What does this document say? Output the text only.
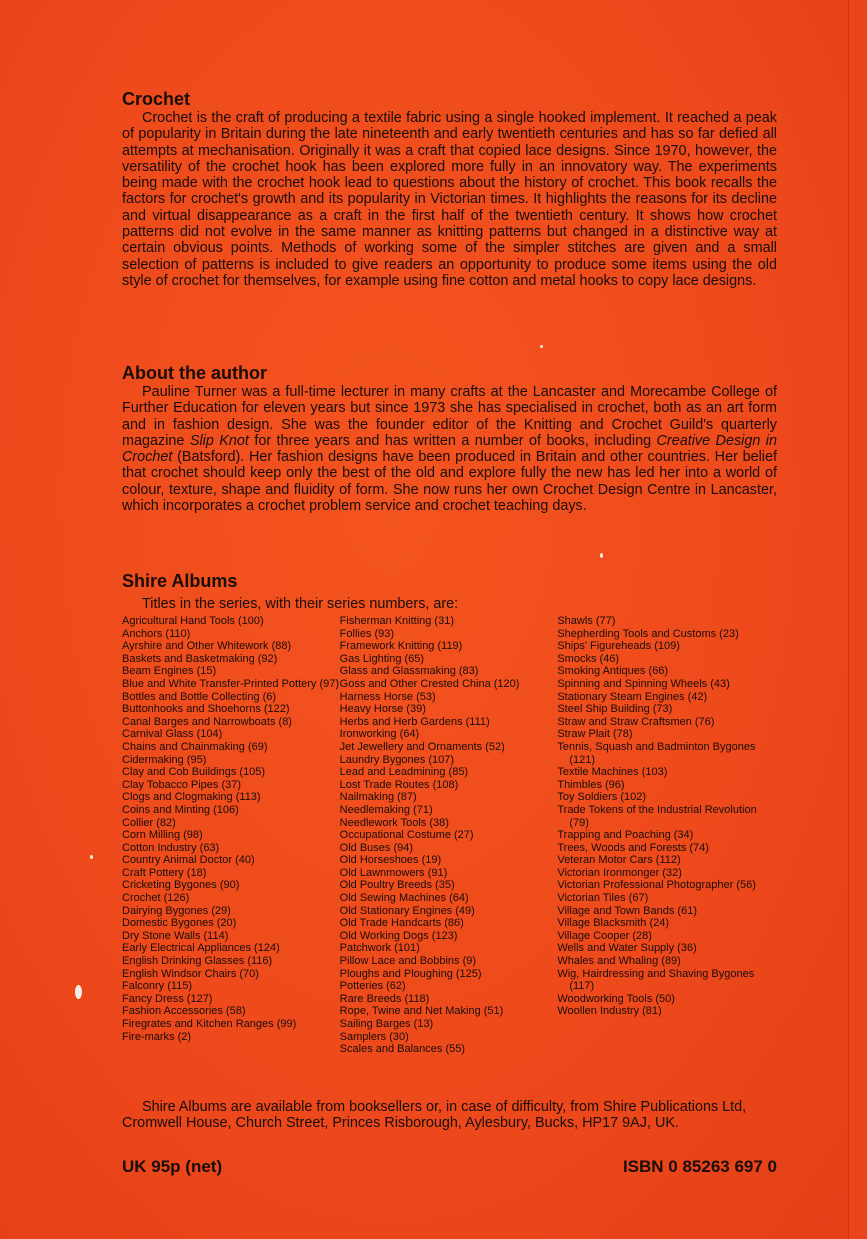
Crochet

Crochet is the craft of producing a textile fabric using a single hooked implement. It reached a peak of popularity in Britain during the late nineteenth and early twentieth centuries and has so far defied all attempts at mechanisation. Originally it was a craft that copied lace designs. Since 1970, however, the versatility of the crochet hook has been explored more fully in an innovatory way. The experiments being made with the crochet hook lead to questions about the history of crochet. This book recalls the factors for crochet's growth and its popularity in Victorian times. It highlights the reasons for its decline and virtual disappearance as a craft in the first half of the twentieth century. It shows how crochet patterns did not evolve in the same manner as knitting patterns but changed in a distinctive way at certain obvious points. Methods of working some of the simpler stitches are given and a small selection of patterns is included to give readers an opportunity to produce some items using the old style of crochet for themselves, for example using fine cotton and metal hooks to copy lace designs.

About the author

Pauline Turner was a full-time lecturer in many crafts at the Lancaster and Morecambe College of Further Education for eleven years but since 1973 she has specialised in crochet, both as an art form and in fashion design. She was the founder editor of the Knitting and Crochet Guild's quarterly magazine Slip Knot for three years and has written a number of books, including Creative Design in Crochet (Batsford). Her fashion designs have been produced in Britain and other countries. Her belief that crochet should keep only the best of the old and explore fully the new has led her into a world of colour, texture, shape and fluidity of form. She now runs her own Crochet Design Centre in Lancaster, which incorporates a crochet problem service and crochet teaching days.

Shire Albums
Titles in the series, with their series numbers, are:
Agricultural Hand Tools (100)
Anchors (110)
Ayrshire and Other Whitework (88)
Baskets and Basketmaking (92)
Beam Engines (15)
Blue and White Transfer-Printed Pottery (97)
Bottles and Bottle Collecting (6)
Buttonhooks and Shoehorns (122)
Canal Barges and Narrowboats (8)
Carnival Glass (104)
Chains and Chainmaking (69)
Cidermaking (95)
Clay and Cob Buildings (105)
Clay Tobacco Pipes (37)
Clogs and Clogmaking (113)
Coins and Minting (106)
Collier (82)
Corn Milling (98)
Cotton Industry (63)
Country Animal Doctor (40)
Craft Pottery (18)
Cricketing Bygones (90)
Crochet (126)
Dairying Bygones (29)
Domestic Bygones (20)
Dry Stone Walls (114)
Early Electrical Appliances (124)
English Drinking Glasses (116)
English Windsor Chairs (70)
Falconry (115)
Fancy Dress (127)
Fashion Accessories (58)
Firegrates and Kitchen Ranges (99)
Fire-marks (2)
Fisherman Knitting (31)
Follies (93)
Framework Knitting (119)
Gas Lighting (65)
Glass and Glassmaking (83)
Goss and Other Crested China (120)
Harness Horse (53)
Heavy Horse (39)
Herbs and Herb Gardens (111)
Ironworking (64)
Jet Jewellery and Ornaments (52)
Laundry Bygones (107)
Lead and Leadmining (85)
Lost Trade Routes (108)
Nailmaking (87)
Needlemaking (71)
Needlework Tools (38)
Occupational Costume (27)
Old Buses (94)
Old Horseshoes (19)
Old Lawnmowers (91)
Old Poultry Breeds (35)
Old Sewing Machines (64)
Old Stationary Engines (49)
Old Trade Handcarts (86)
Old Working Dogs (123)
Patchwork (101)
Pillow Lace and Bobbins (9)
Ploughs and Ploughing (125)
Potteries (62)
Rare Breeds (118)
Rope, Twine and Net Making (51)
Sailing Barges (13)
Samplers (30)
Scales and Balances (55)
Shawls (77)
Shepherding Tools and Customs (23)
Ships' Figureheads (109)
Smocks (46)
Smoking Antiques (66)
Spinning and Spinning Wheels (43)
Stationary Steam Engines (42)
Steel Ship Building (73)
Straw and Straw Craftsmen (76)
Straw Plait (78)
Tennis, Squash and Badminton Bygones (121)
Textile Machines (103)
Thimbles (96)
Toy Soldiers (102)
Trade Tokens of the Industrial Revolution (79)
Trapping and Poaching (34)
Trees, Woods and Forests (74)
Veteran Motor Cars (112)
Victorian Ironmonger (32)
Victorian Professional Photographer (56)
Victorian Tiles (67)
Village and Town Bands (61)
Village Blacksmith (24)
Village Cooper (28)
Wells and Water Supply (36)
Whales and Whaling (89)
Wig, Hairdressing and Shaving Bygones (117)
Woodworking Tools (50)
Woollen Industry (81)

Shire Albums are available from booksellers or, in case of difficulty, from Shire Publications Ltd, Cromwell House, Church Street, Princes Risborough, Aylesbury, Bucks, HP17 9AJ, UK.

UK 95p (net)	ISBN 0 85263 697 0
